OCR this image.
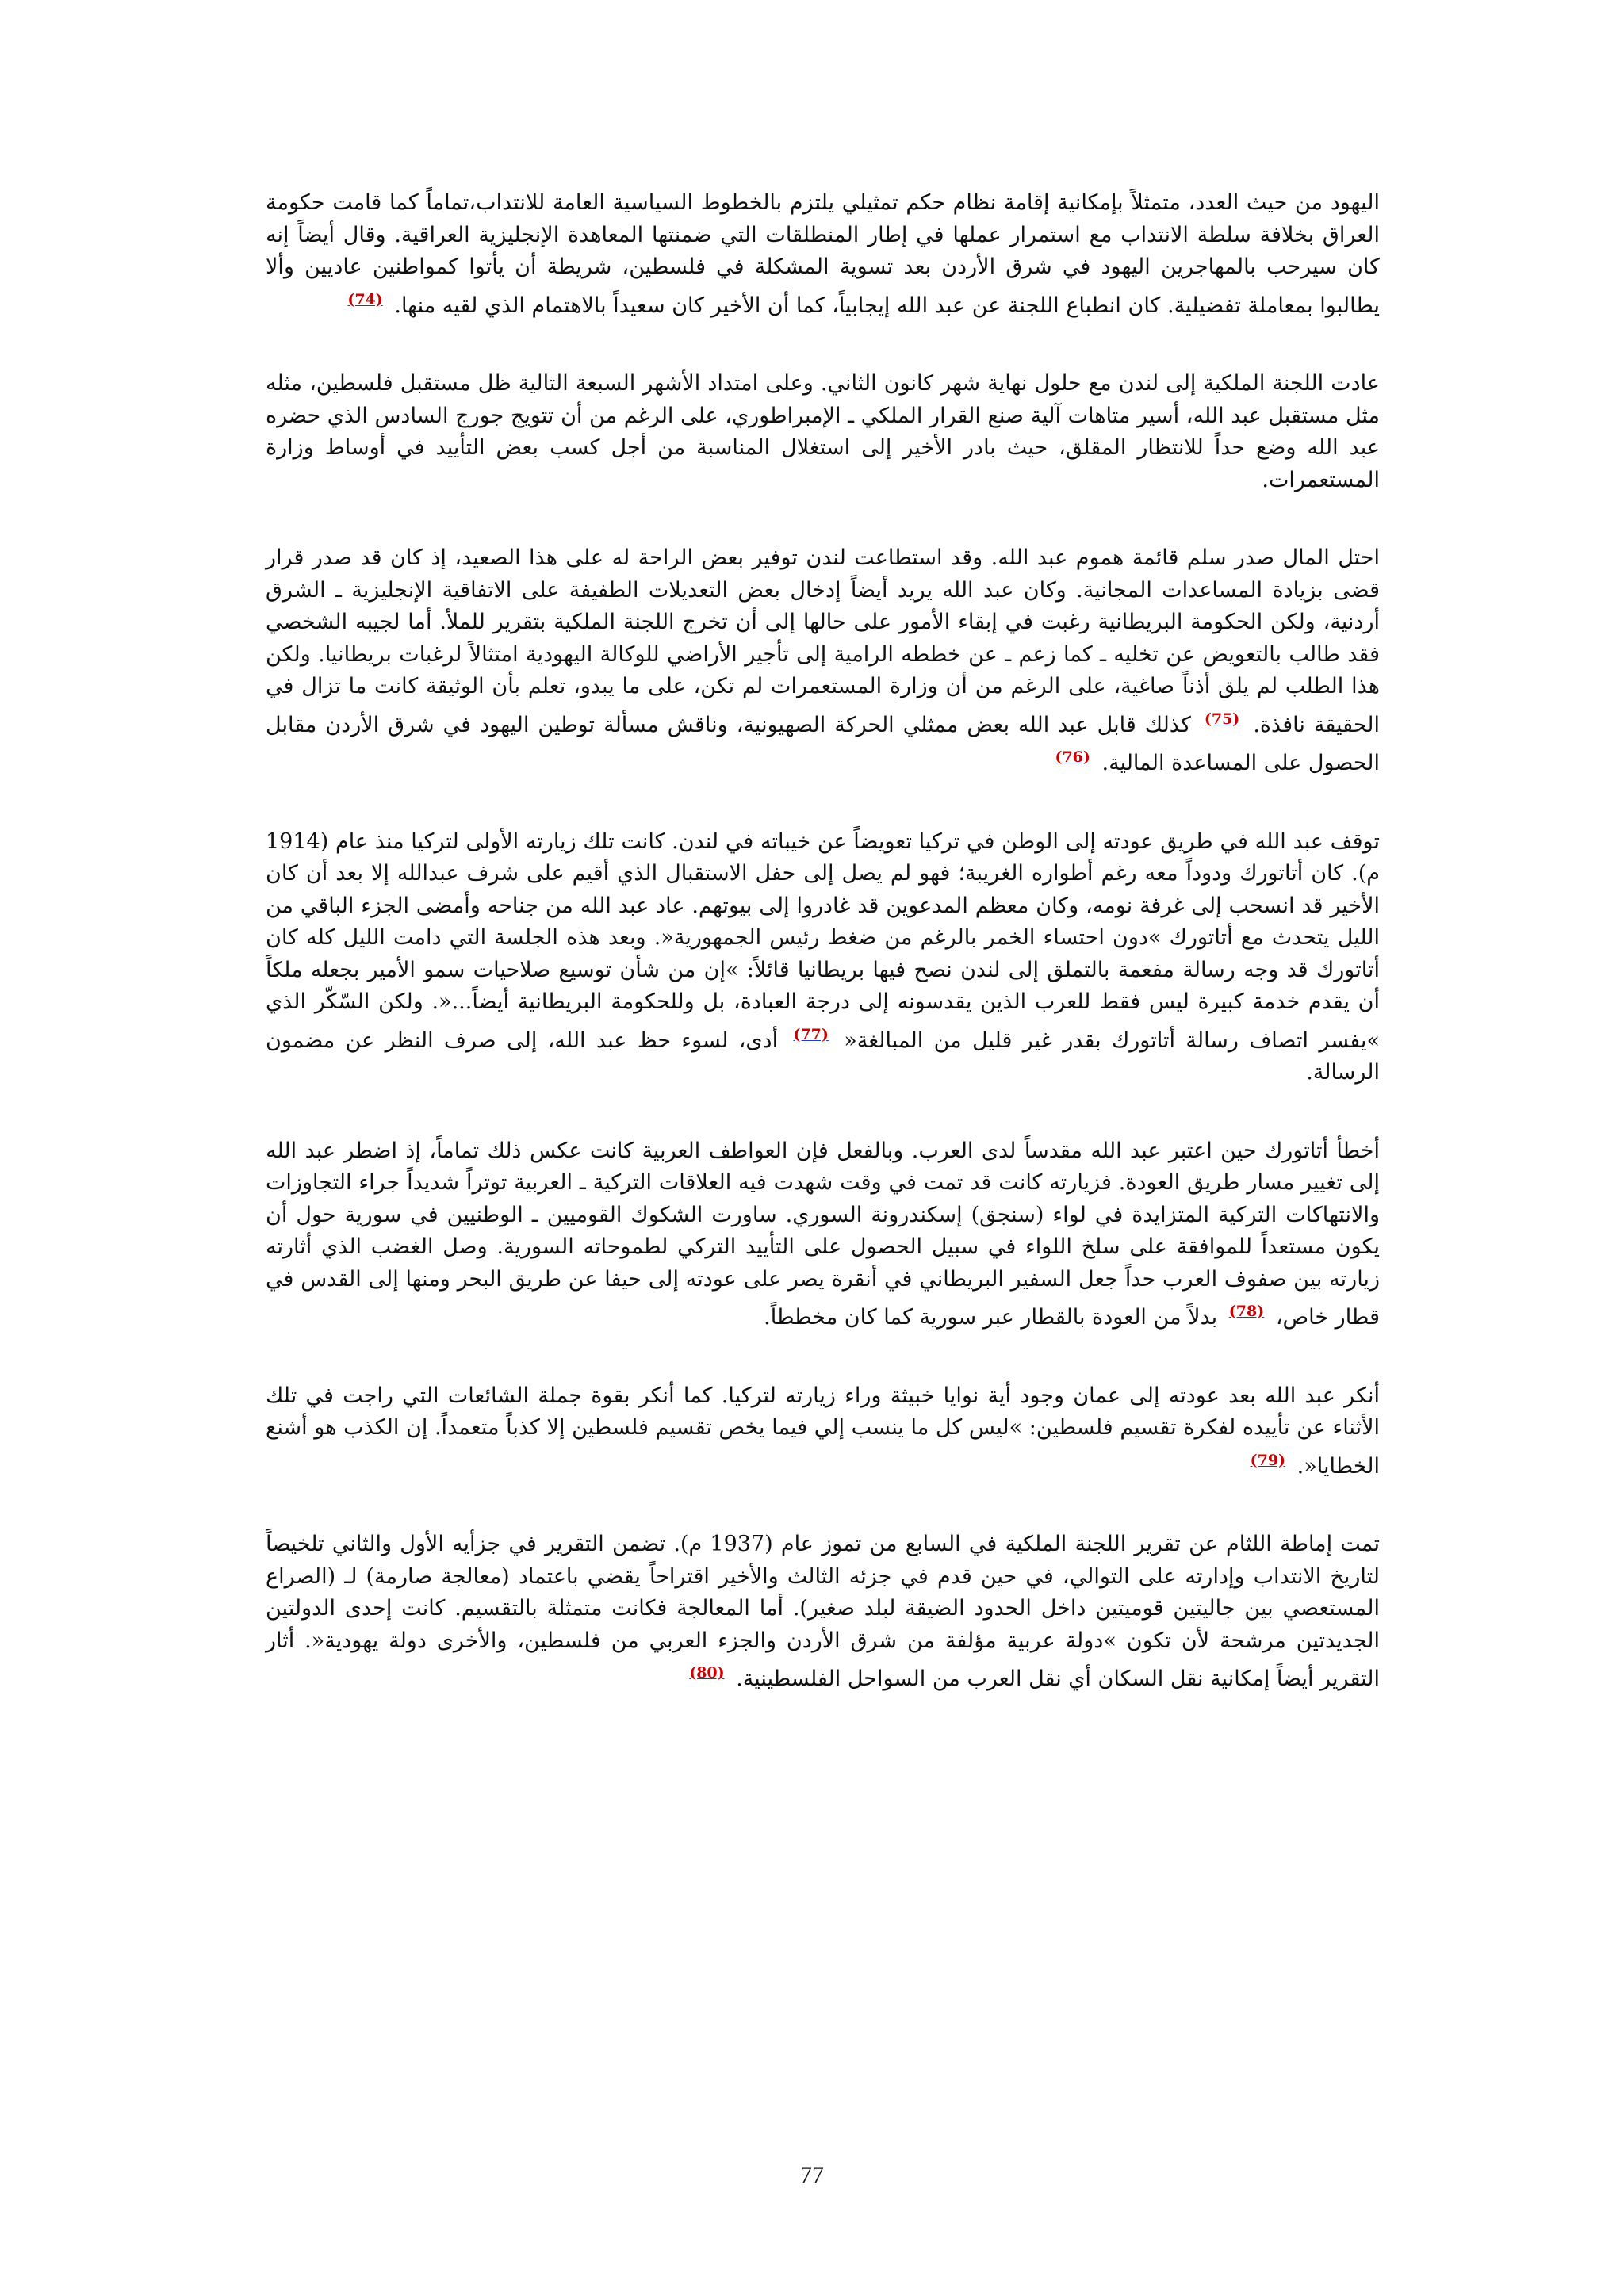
اليهود من حيث العدد، متمثلاً بإمكانية إقامة نظام حكم تمثيلي يلتزم بالخطوط السياسية العامة للانتداب،تماماً كما قامت حكومة العراق بخلافة سلطة الانتداب مع استمرار عملها في إطار المنطلقات التي ضمنتها المعاهدة الإنجليزية العراقية. وقال أيضاً إنه كان سيرحب بالمهاجرين اليهود في شرق الأردن بعد تسوية المشكلة في فلسطين، شريطة أن يأتوا كمواطنين عاديين وألا يطالبوا بمعاملة تفضيلية. كان انطباع اللجنة عن عبد الله إيجابياً، كما أن الأخير كان سعيداً بالاهتمام الذي لقيه منها. $^{(74)}$

عادت اللجنة الملكية إلى لندن مع حلول نهاية شهر كانون الثاني. وعلى امتداد الأشهر السبعة التالية ظل مستقبل فلسطين، مثله مثل مستقبل عبد الله، أسير متاهات آلية صنع القرار الملكي ـ الإمبراطوري، على الرغم من أن تتويج جورج السادس الذي حضره عبد الله وضع حداً للانتظار المقلق، حيث بادر الأخير إلى استغلال المناسبة من أجل كسب بعض التأييد في أوساط وزارة المستعمرات.

احتل المال صدر سلم قائمة هموم عبد الله. وقد استطاعت لندن توفير بعض الراحة له على هذا الصعيد، إذ كان قد صدر قرار قضى بزيادة المساعدات المجانية. وكان عبد الله يريد أيضاً إدخال بعض التعديلات الطفيفة على الاتفاقية الإنجليزية ـ الشرق أردنية، ولكن الحكومة البريطانية رغبت في إبقاء الأمور على حالها إلى أن تخرج اللجنة الملكية بتقرير للملأ. أما لجيبه الشخصي فقد طالب بالتعويض عن تخليه ـ كما زعم ـ عن خططه الرامية إلى تأجير الأراضي للوكالة اليهودية امتثالاً لرغبات بريطانيا. ولكن هذا الطلب لم يلق أذناً صاغية، على الرغم من أن وزارة المستعمرات لم تكن، على ما يبدو، تعلم بأن الوثيقة كانت ما تزال في الحقيقة نافذة. $^{(75)}$ كذلك قابل عبد الله بعض ممثلي الحركة الصهيونية، وناقش مسألة توطين اليهود في شرق الأردن مقابل الحصول على المساعدة المالية. $^{(76)}$

توقف عبد الله في طريق عودته إلى الوطن في تركيا تعويضاً عن خيباته في لندن. كانت تلك زيارته الأولى لتركيا منذ عام (1914 م). كان أتاتورك ودوداً معه رغم أطواره الغريبة؛ فهو لم يصل إلى حفل الاستقبال الذي أقيم على شرف عبدالله إلا بعد أن كان الأخير قد انسحب إلى غرفة نومه، وكان معظم المدعوين قد غادروا إلى بيوتهم. عاد عبد الله من جناحه وأمضى الجزء الباقي من الليل يتحدث مع أتاتورك »دون احتساء الخمر بالرغم من ضغط رئيس الجمهورية«. وبعد هذه الجلسة التي دامت الليل كله كان أتاتورك قد وجه رسالة مفعمة بالتملق إلى لندن نصح فيها بريطانيا قائلاً: »إن من شأن توسيع صلاحيات سمو الأمير بجعله ملكاً أن يقدم خدمة كبيرة ليس فقط للعرب الذين يقدسونه إلى درجة العبادة، بل وللحكومة البريطانية أيضاً...«. ولكن السّكّر الذي »يفسر اتصاف رسالة أتاتورك بقدر غير قليل من المبالغة« $^{(77)}$ أدى، لسوء حظ عبد الله، إلى صرف النظر عن مضمون الرسالة.

أخطأ أتاتورك حين اعتبر عبد الله مقدساً لدى العرب. وبالفعل فإن العواطف العربية كانت عكس ذلك تماماً، إذ اضطر عبد الله إلى تغيير مسار طريق العودة. فزيارته كانت قد تمت في وقت شهدت فيه العلاقات التركية ـ العربية توتراً شديداً جراء التجاوزات والانتهاكات التركية المتزايدة في لواء (سنجق) إسكندرونة السوري. ساورت الشكوك القوميين ـ الوطنيين في سورية حول أن يكون مستعداً للموافقة على سلخ اللواء في سبيل الحصول على التأييد التركي لطموحاته السورية. وصل الغضب الذي أثارته زيارته بين صفوف العرب حداً جعل السفير البريطاني في أنقرة يصر على عودته إلى حيفا عن طريق البحر ومنها إلى القدس في قطار خاص، $^{(78)}$ بدلاً من العودة بالقطار عبر سورية كما كان مخططاً.

أنكر عبد الله بعد عودته إلى عمان وجود أية نوايا خبيثة وراء زيارته لتركيا. كما أنكر بقوة جملة الشائعات التي راجت في تلك الأثناء عن تأييده لفكرة تقسيم فلسطين: »ليس كل ما ينسب إلي فيما يخص تقسيم فلسطين إلا كذباً متعمداً. إن الكذب هو أشنع الخطايا«. $^{(79)}$

تمت إماطة اللثام عن تقرير اللجنة الملكية في السابع من تموز عام (1937 م). تضمن التقرير في جزأيه الأول والثاني تلخيصاً لتاريخ الانتداب وإدارته على التوالي، في حين قدم في جزئه الثالث والأخير اقتراحاً يقضي باعتماد (معالجة صارمة) لـ (الصراع المستعصي بين جاليتين قوميتين داخل الحدود الضيقة لبلد صغير). أما المعالجة فكانت متمثلة بالتقسيم. كانت إحدى الدولتين الجديدتين مرشحة لأن تكون »دولة عربية مؤلفة من شرق الأردن والجزء العربي من فلسطين، والأخرى دولة يهودية«. أثار التقرير أيضاً إمكانية نقل السكان أي نقل العرب من السواحل الفلسطينية. $^{(80)}$

77
